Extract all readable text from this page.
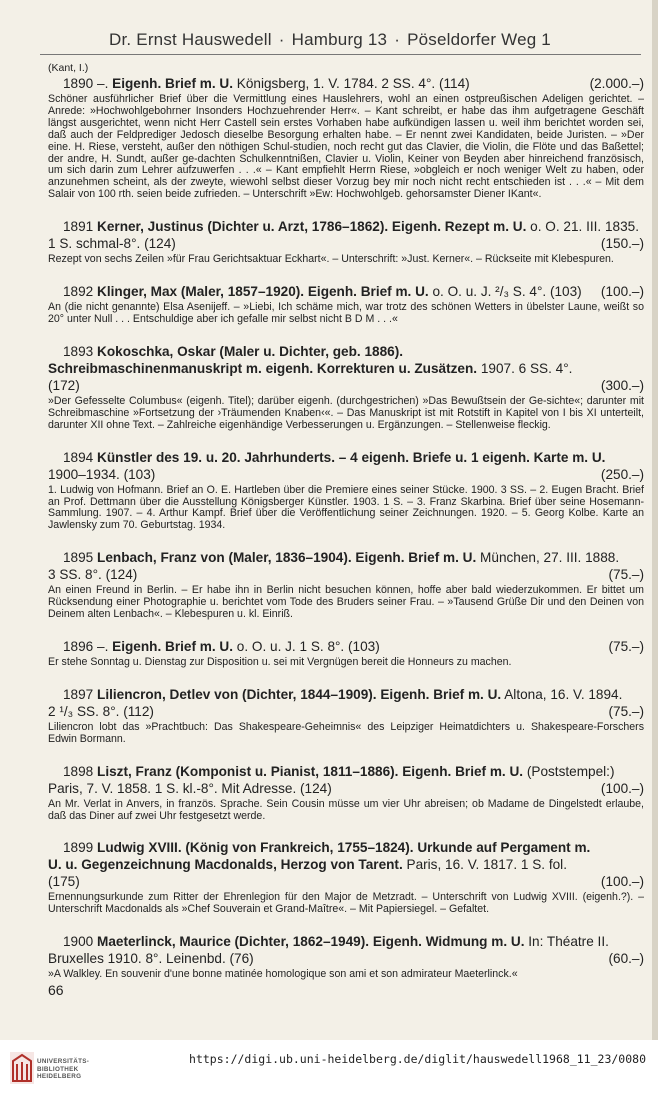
Dr. Ernst Hauswedell · Hamburg 13 · Pöseldorfer Weg 1
(Kant, I.)
1890 –. Eigenh. Brief m. U. Königsberg, 1. V. 1784. 2 SS. 4°. (114)	(2.000.–)

Schöner ausführlicher Brief über die Vermittlung eines Hauslehrers, wohl an einen ostpreußischen Adeligen gerichtet. – Anrede: »Hochwohlgebohrner Insonders Hochzuehrender Herr«. – Kant schreibt, er habe das ihm aufgetragene Geschäft längst ausgerichtet, wenn nicht Herr Castell sein erstes Vorhaben habe aufkündigen lassen u. weil ihm berichtet worden sei, daß auch der Feldprediger Jedosch dieselbe Besorgung erhalten habe. – Er nennt zwei Kandidaten, beide Juristen. – »Der eine. H. Riese, versteht, außer den nöthigen Schul-studien, noch recht gut das Clavier, die Violin, die Flöte und das Baßettel; der andre, H. Sundt, außer ge-dachten Schulkenntnißen, Clavier u. Violin, Keiner von Beyden aber hinreichend französisch, um sich darin zum Lehrer aufzuwerfen . . .« – Kant empfiehlt Herrn Riese, »obgleich er noch weniger Welt zu haben, oder anzunehmen scheint, als der zweyte, wiewohl selbst dieser Vorzug bey mir noch nicht recht entschieden ist . . .« – Mit dem Salair von 100 rth. seien beide zufrieden. – Unterschrift »Ew: Hochwohlgeb. gehorsamster Diener IKant«.

1891 Kerner, Justinus (Dichter u. Arzt, 1786–1862). Eigenh. Rezept m. U. o. O. 21. III. 1835.
1 S. schmal-8°. (124)	(150.–)

Rezept von sechs Zeilen »für Frau Gerichtsaktuar Eckhart«. – Unterschrift: »Just. Kerner«. – Rückseite mit Klebespuren.

1892 Klinger, Max (Maler, 1857–1920). Eigenh. Brief m. U. o. O. u. J. ²/₃ S. 4°. (103)	(100.–)

An (die nicht genannte) Elsa Asenijeff. – »Liebi, Ich schäme mich, war trotz des schönen Wetters in übelster Laune, weißt so 20° unter Null . . . Entschuldige aber ich gefalle mir selbst nicht B D M . . .«

1893 Kokoschka, Oskar (Maler u. Dichter, geb. 1886). Schreibmaschinenmanuskript m. eigenh. Korrekturen u. Zusätzen. 1907. 6 SS. 4°. (172)	(300.–)

»Der Gefesselte Columbus« (eigenh. Titel); darüber eigenh. (durchgestrichen) »Das Bewußtsein der Ge-sichte«; darunter mit Schreibmaschine »Fortsetzung der ›Träumenden Knaben‹«. – Das Manuskript ist mit Rotstift in Kapitel von I bis XI unterteilt, darunter XII ohne Text. – Zahlreiche eigenhändige Verbesserungen u. Ergänzungen. – Stellenweise fleckig.

1894 Künstler des 19. u. 20. Jahrhunderts. – 4 eigenh. Briefe u. 1 eigenh. Karte m. U.
1900–1934. (103)	(250.–)

1. Ludwig von Hofmann. Brief an O. E. Hartleben über die Premiere eines seiner Stücke. 1900. 3 SS. – 2. Eugen Bracht. Brief an Prof. Dettmann über die Ausstellung Königsberger Künstler. 1903. 1 S. – 3. Franz Skarbina. Brief über seine Hosemann-Sammlung. 1907. – 4. Arthur Kampf. Brief über die Veröffentlichung seiner Zeichnungen. 1920. – 5. Georg Kolbe. Karte an Jawlensky zum 70. Geburtstag. 1934.

1895 Lenbach, Franz von (Maler, 1836–1904). Eigenh. Brief m. U. München, 27. III. 1888.
3 SS. 8°. (124)	(75.–)

An einen Freund in Berlin. – Er habe ihn in Berlin nicht besuchen können, hoffe aber bald wiederzukommen. Er bittet um Rücksendung einer Photographie u. berichtet vom Tode des Bruders seiner Frau. – »Tausend Grüße Dir und den Deinen von Deinem alten Lenbach«. – Klebespuren u. kl. Einriß.

1896 –. Eigenh. Brief m. U. o. O. u. J. 1 S. 8°. (103)	(75.–)

Er stehe Sonntag u. Dienstag zur Disposition u. sei mit Vergnügen bereit die Honneurs zu machen.

1897 Liliencron, Detlev von (Dichter, 1844–1909). Eigenh. Brief m. U. Altona, 16. V. 1894.
2 ¹/₃ SS. 8°. (112)	(75.–)

Liliencron lobt das »Prachtbuch: Das Shakespeare-Geheimnis« des Leipziger Heimatdichters u. Shakespeare-Forschers Edwin Bormann.

1898 Liszt, Franz (Komponist u. Pianist, 1811–1886). Eigenh. Brief m. U. (Poststempel:)
Paris, 7. V. 1858. 1 S. kl.-8°. Mit Adresse. (124)	(100.–)

An Mr. Verlat in Anvers, in französ. Sprache. Sein Cousin müsse um vier Uhr abreisen; ob Madame de Dingelstedt erlaube, daß das Diner auf zwei Uhr festgesetzt werde.

1899 Ludwig XVIII. (König von Frankreich, 1755–1824). Urkunde auf Pergament m. U. u. Gegenzeichnung Macdonalds, Herzog von Tarent. Paris, 16. V. 1817. 1 S. fol. (175)	(100.–)

Ernennungsurkunde zum Ritter der Ehrenlegion für den Major de Metzradt. – Unterschrift von Ludwig XVIII. (eigenh.?). – Unterschrift Macdonalds als »Chef Souverain et Grand-Maître«. – Mit Papiersiegel. – Gefaltet.

1900 Maeterlinck, Maurice (Dichter, 1862–1949). Eigenh. Widmung m. U. In: Théatre II.
Bruxelles 1910. 8°. Leinenbd. (76)	(60.–)

»A Walkley. En souvenir d'une bonne matinée homologique son ami et son admirateur Maeterlinck.«

66
UNIVERSITÄTS-
BIBLIOTHEK
HEIDELBERG
https://digi.ub.uni-heidelberg.de/diglit/hauswedell1968_11_23/0080
